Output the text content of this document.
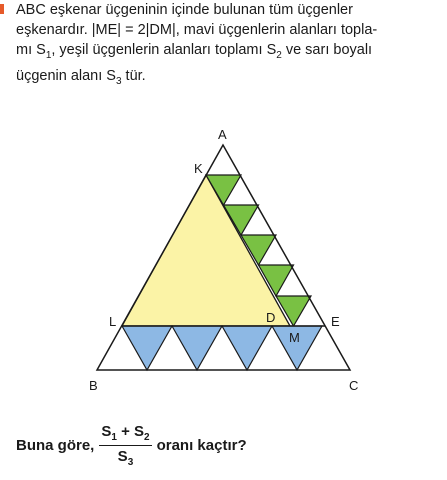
ABC eşkenar üçgeninin içinde bulunan tüm üçgenler

eşkenardır. |ME| = 2|DM|, mavi üçgenlerin alanları topla-

mı $S_1$, yeşil üçgenlerin alanları toplamı $S_2$ ve sarı boyalı

üçgenin alanı $S_3$ tür.

A
K
L	D	E
M
B	C
Buna göre, $\frac{S_1 + S_2}{S_3}$ oranı kaçtır?
